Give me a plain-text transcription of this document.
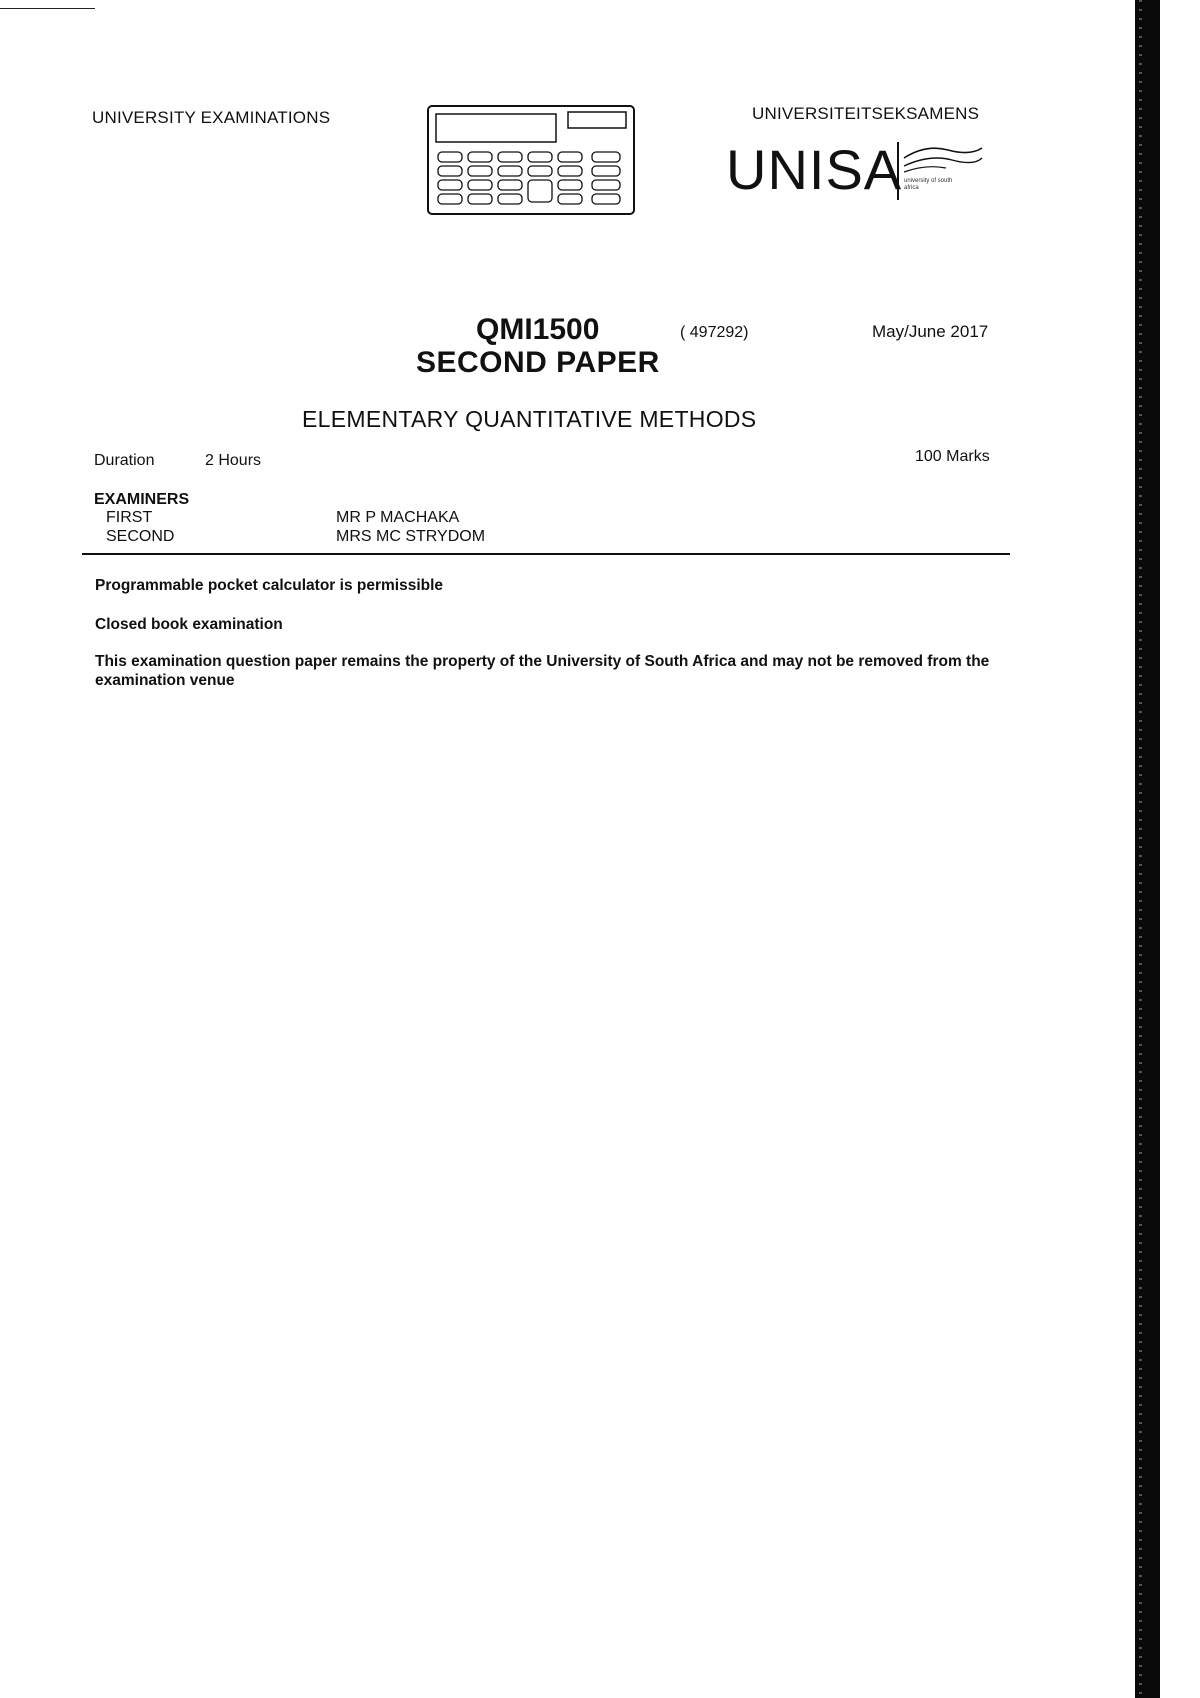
UNIVERSITY EXAMINATIONS	UNIVERSITEITSEKSAMENS
UNISA university of south africa
QMI1500	( 497292)	May/June 2017
SECOND PAPER
ELEMENTARY QUANTITATIVE METHODS
Duration	2 Hours	100 Marks
EXAMINERS
FIRST	MR P MACHAKA
SECOND	MRS MC STRYDOM
Programmable pocket calculator is permissible
Closed book examination
This examination question paper remains the property of the University of South Africa and may not be removed from the examination venue
